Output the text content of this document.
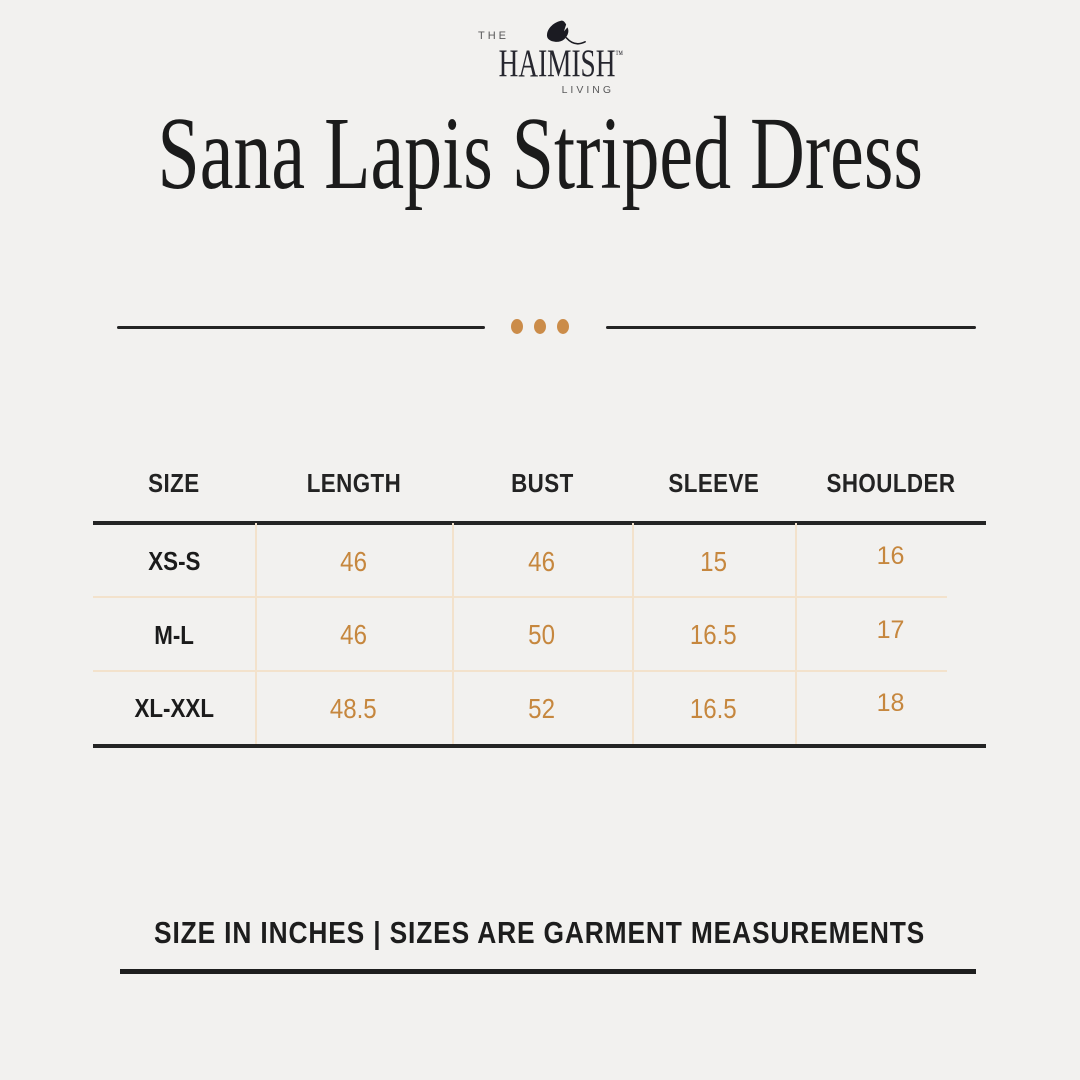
THE
HAIMISH™
LIVING
Sana Lapis Striped Dress
SIZE	LENGTH	BUST	SLEEVE	SHOULDER
XS-S	46	46	15	16
M-L	46	50	16.5	17
XL-XXL	48.5	52	16.5	18
SIZE IN INCHES | SIZES ARE GARMENT MEASUREMENTS
